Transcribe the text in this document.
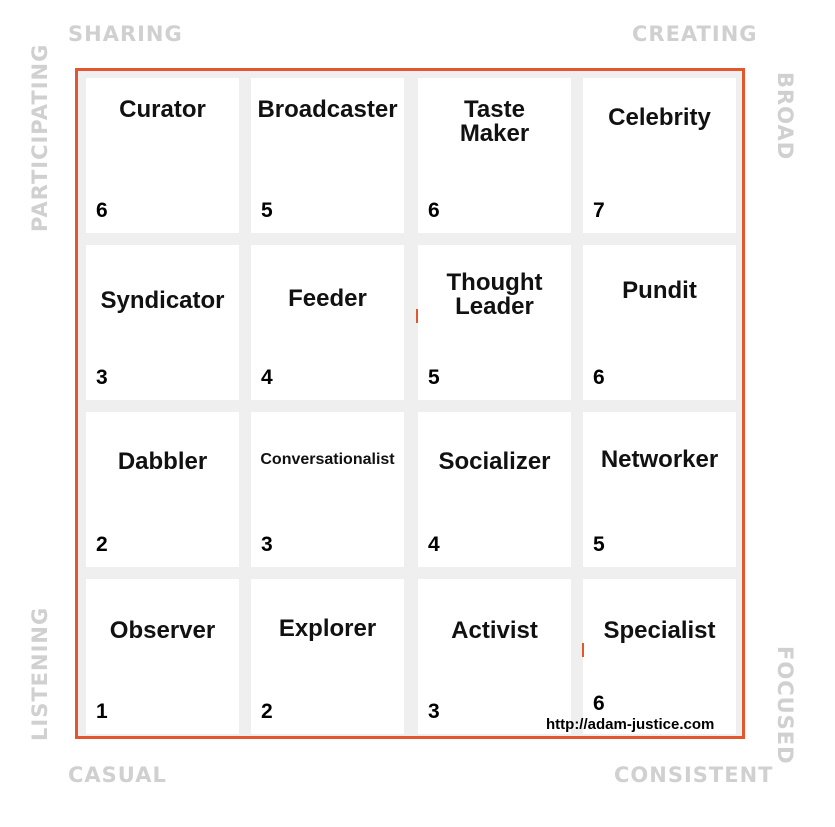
SHARING	CREATING
CASUAL	CONSISTENT
PARTICIPATING
LISTENING
BROAD
FOCUSED
Curator
6
Broadcaster
5
Taste Maker
6
Celebrity
7
Syndicator
3
Feeder
4
Thought Leader
5
Pundit
6
Dabbler
2
Conversationalist
3
Socializer
4
Networker
5
Observer
1
Explorer
2
Activist
3
Specialist
6
http://adam-justice.com
